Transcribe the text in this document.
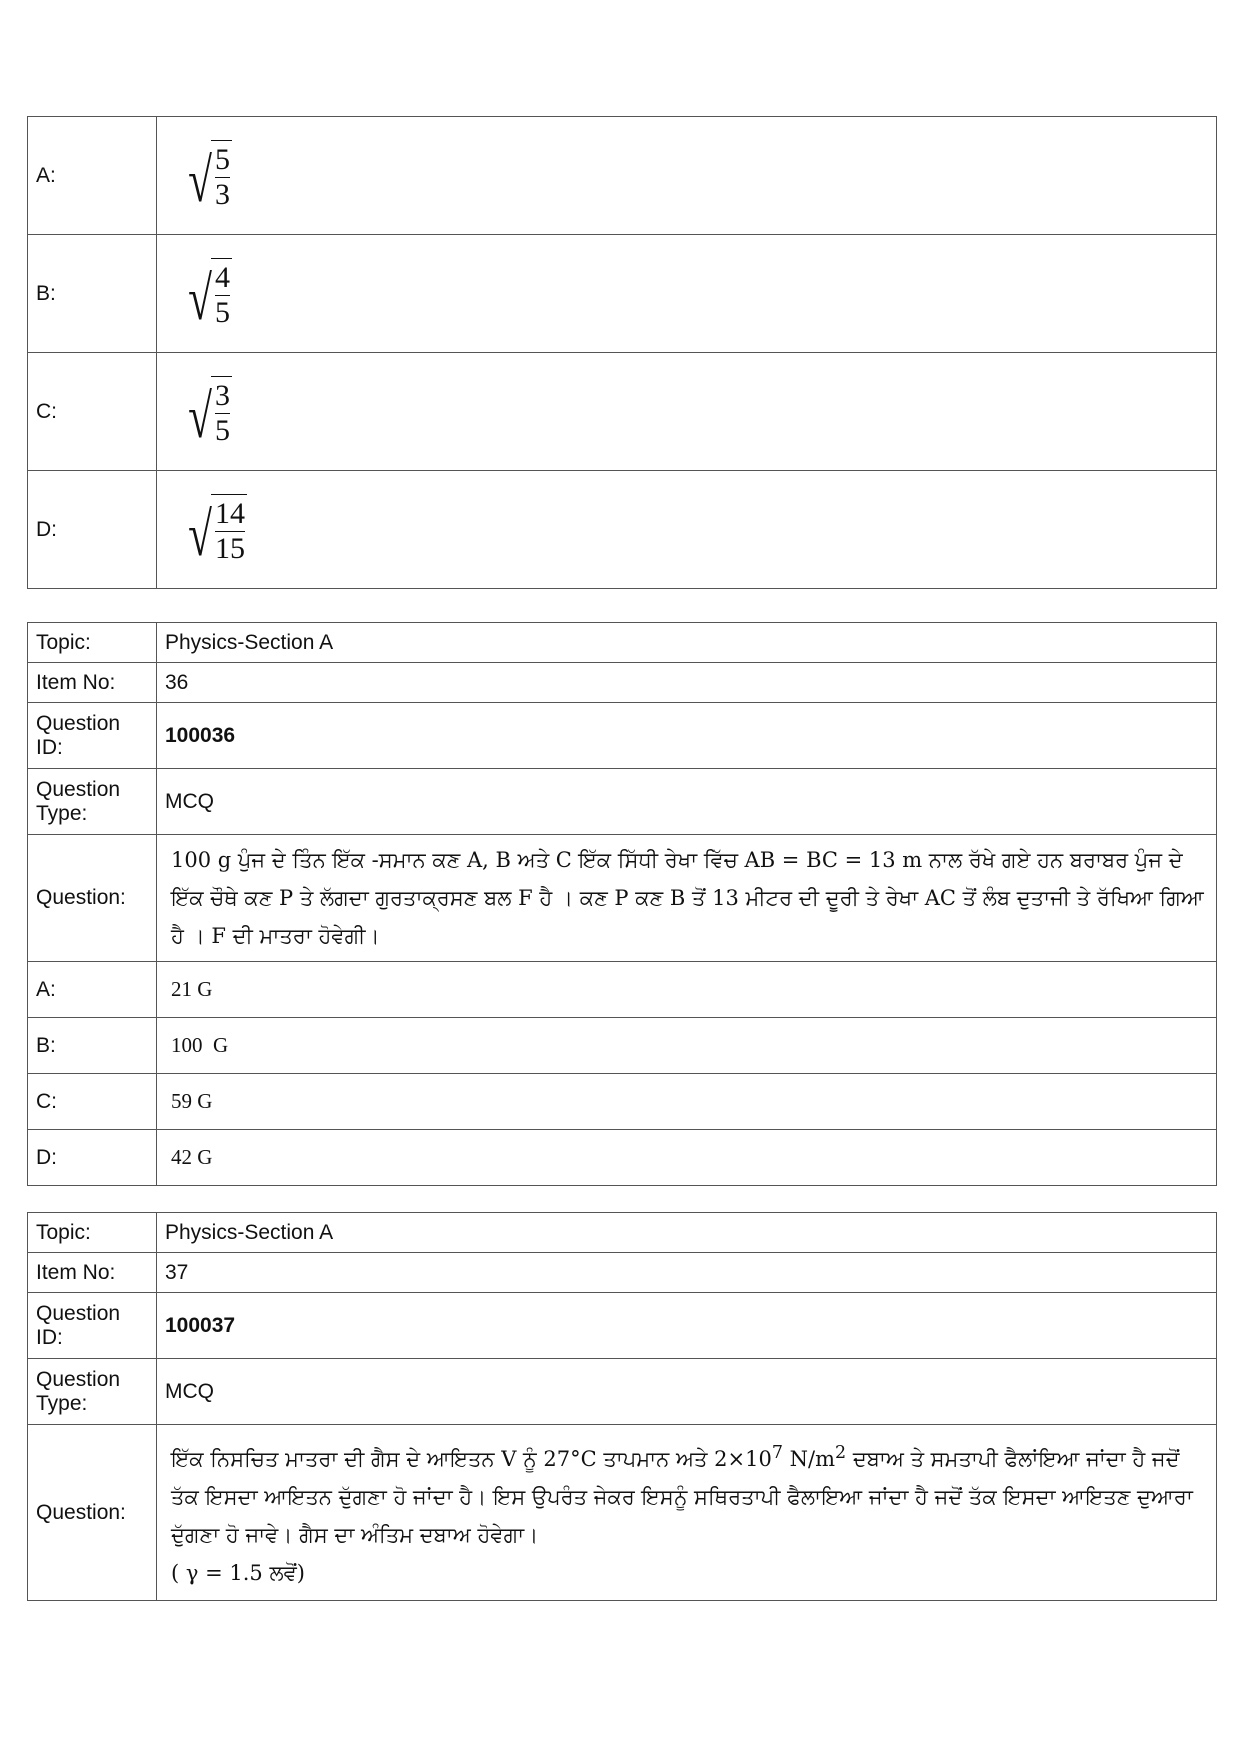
A:	√ $\frac{5}{3}$

B:	√ $\frac{4}{5}$

C:	√ $\frac{3}{5}$

D:	√ $\frac{14}{15}$
Topic:	Physics-Section A
Item No:	36
Question ID:	100036
Question Type:	MCQ
Question:	100 g ਪੁੰਜ ਦੇ ਤਿੰਨ ਇੱਕ -ਸਮਾਨ ਕਣ A, B ਅਤੇ C ਇੱਕ ਸਿੱਧੀ ਰੇਖਾ ਵਿੱਚ AB = BC = 13 m ਨਾਲ ਰੱਖੇ ਗਏ ਹਨ ਬਰਾਬਰ ਪੁੰਜ ਦੇ ਇੱਕ ਚੌਥੇ ਕਣ P ਤੇ ਲੱਗਦਾ ਗੁਰਤਾਕ੍ਰਸਣ ਬਲ F ਹੈ । ਕਣ P ਕਣ B ਤੋਂ 13 ਮੀਟਰ ਦੀ ਦੂਰੀ ਤੇ ਰੇਖਾ AC ਤੋਂ ਲੰਬ ਦੁਤਾਜੀ ਤੇ ਰੱਖਿਆ ਗਿਆ ਹੈ । F ਦੀ ਮਾਤਰਾ ਹੋਵੇਗੀ।
A:	21 G
B:	100  G
C:	59 G
D:	42 G
Topic:	Physics-Section A
Item No:	37
Question ID:	100037
Question Type:	MCQ
Question:	ਇੱਕ ਨਿਸਚਿਤ ਮਾਤਰਾ ਦੀ ਗੈਸ ਦੇ ਆਇਤਨ V ਨੂੰ 27°C ਤਾਪਮਾਨ ਅਤੇ $2\times 10^7$ $N/m^2$ ਦਬਾਅ ਤੇ ਸਮਤਾਪੀ ਫੈਲਾਂਇਆ ਜਾਂਦਾ ਹੈ ਜਦੋਂ ਤੱਕ ਇਸਦਾ ਆਇਤਨ ਦੁੱਗਣਾ ਹੋ ਜਾਂਦਾ ਹੈ। ਇਸ ਉਪਰੰਤ ਜੇਕਰ ਇਸਨੂੰ ਸਥਿਰਤਾਪੀ ਫੈਲਾਇਆ ਜਾਂਦਾ ਹੈ ਜਦੋਂ ਤੱਕ ਇਸਦਾ ਆਇਤਣ ਦੁਆਰਾ ਦੁੱਗਣਾ ਹੋ ਜਾਵੇ। ਗੈਸ ਦਾ ਅੰਤਿਮ ਦਬਾਅ ਹੋਵੇਗਾ।
( γ = 1.5 ਲਵੋਂ)
